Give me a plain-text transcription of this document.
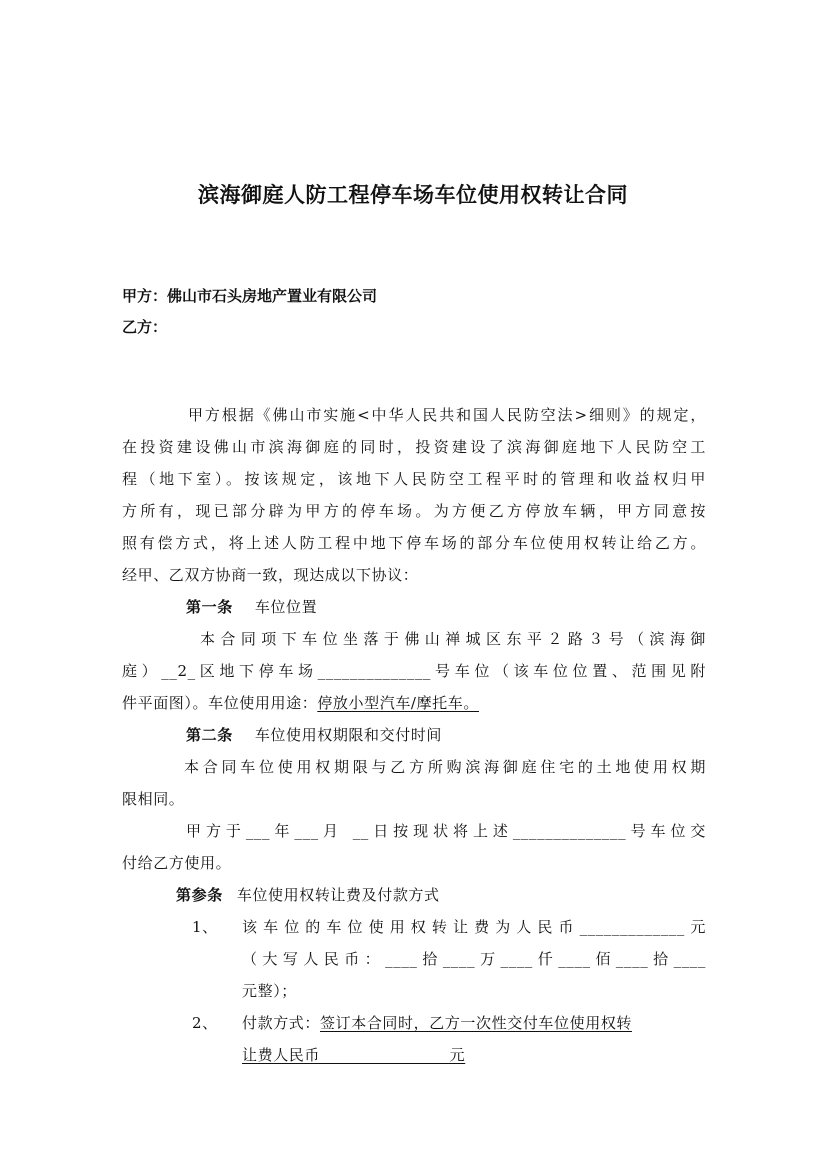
滨海御庭人防工程停车场车位使用权转让合同
甲方：佛山市石头房地产置业有限公司
乙方：
甲方根据《佛山市实施<中华人民共和国人民防空法>细则》的规定，
在投资建设佛山市滨海御庭的同时，投资建设了滨海御庭地下人民防空工
程（地下室）。按该规定，该地下人民防空工程平时的管理和收益权归甲
方所有，现已部分辟为甲方的停车场。为方便乙方停放车辆，甲方同意按
照有偿方式，将上述人防工程中地下停车场的部分车位使用权转让给乙方。
经甲、乙双方协商一致，现达成以下协议：
第一条 车位位置
本合同项下车位坐落于佛山禅城区东平２路３号（滨海御
庭）__2_区地下停车场______________号车位（该车位位置、范围见附
件平面图）。车位使用用途：停放小型汽车/摩托车。
第二条 车位使用权期限和交付时间
本合同车位使用权期限与乙方所购滨海御庭住宅的土地使用权期
限相同。
甲方于___年___月 __日按现状将上述______________号车位交
付给乙方使用。
第参条 车位使用权转让费及付款方式
1、 该车位的车位使用权转让费为人民币_____________元
（大写人民币：____拾____万____仟____佰____拾____
元整）；
2、 付款方式：签订本合同时，乙方一次性交付车位使用权转
让费人民币________________元
